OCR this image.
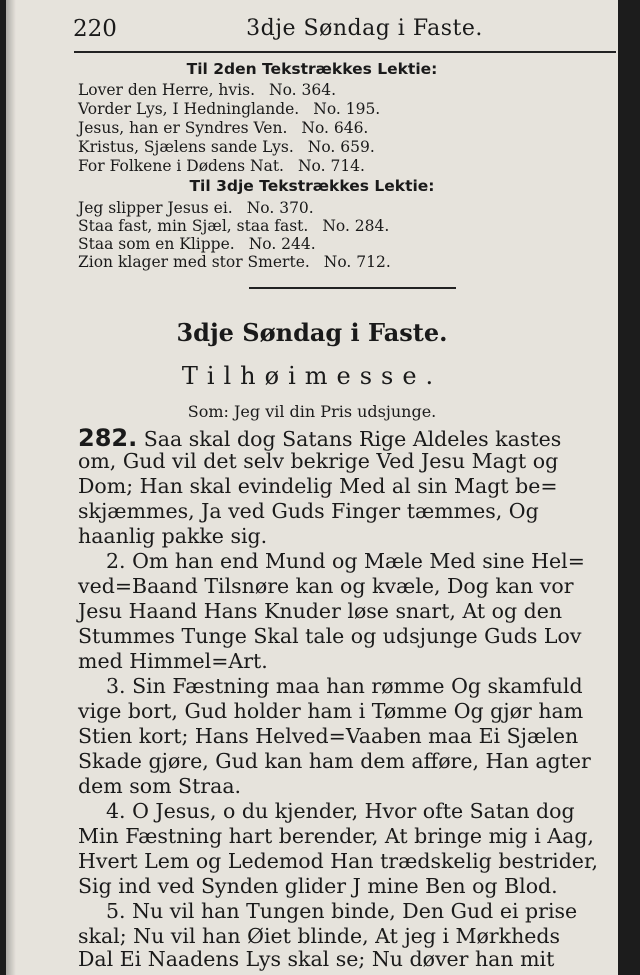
220	3dje Søndag i Faste.
Til 2den Tekstrækkes Lektie:
Lover den Herre, hvis. No. 364.
Vorder Lys, I Hedninglande. No. 195.
Jesus, han er Syndres Ven. No. 646.
Kristus, Sjælens sande Lys. No. 659.
For Folkene i Dødens Nat. No. 714.
Til 3dje Tekstrækkes Lektie:
Jeg slipper Jesus ei. No. 370.
Staa fast, min Sjæl, staa fast. No. 284.
Staa som en Klippe. No. 244.
Zion klager med stor Smerte. No. 712.
3dje Søndag i Faste.
Tilhøimesse.
Som: Jeg vil din Pris udsjunge.
282. Saa skal dog Satans Rige Aldeles kastes
om, Gud vil det selv bekrige Ved Jesu Magt og
Dom; Han skal evindelig Med al sin Magt be=
skjæmmes, Ja ved Guds Finger tæmmes, Og
haanlig pakke sig.
2. Om han end Mund og Mæle Med sine Hel=
ved=Baand Tilsnøre kan og kvæle, Dog kan vor
Jesu Haand Hans Knuder løse snart, At og den
Stummes Tunge Skal tale og udsjunge Guds Lov
med Himmel=Art.
3. Sin Fæstning maa han rømme Og skamfuld
vige bort, Gud holder ham i Tømme Og gjør ham
Stien kort; Hans Helved=Vaaben maa Ei Sjælen
Skade gjøre, Gud kan ham dem afføre, Han agter
dem som Straa.
4. O Jesus, o du kjender, Hvor ofte Satan dog
Min Fæstning hart berender, At bringe mig i Aag,
Hvert Lem og Ledemod Han trædskelig bestrider,
Sig ind ved Synden glider J mine Ben og Blod.
5. Nu vil han Tungen binde, Den Gud ei prise
skal; Nu vil han Øiet blinde, At jeg i Mørkheds
Dal Ei Naadens Lys skal se; Nu døver han mit
